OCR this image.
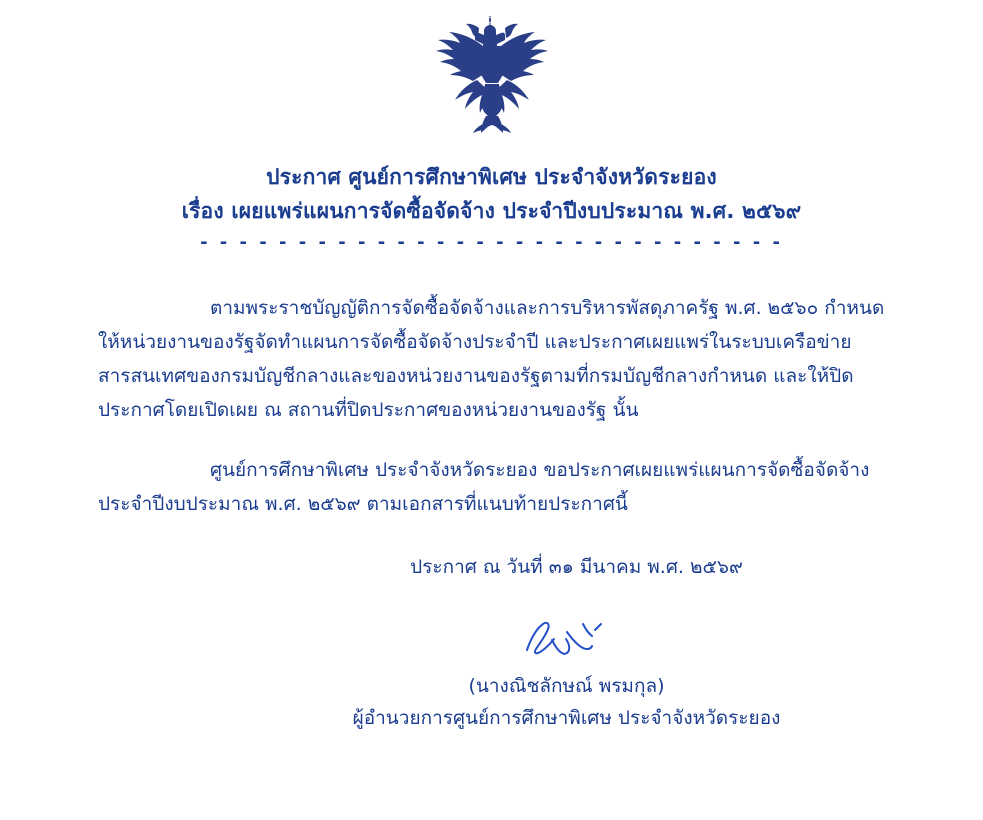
ประกาศ ศูนย์การศึกษาพิเศษ ประจำจังหวัดระยอง
เรื่อง เผยแพร่แผนการจัดซื้อจัดจ้าง ประจำปีงบประมาณ พ.ศ. ๒๕๖๙
- - - - - - - - - - - - - - - - - - - - - - - - - - - - - -

ตามพระราชบัญญัติการจัดซื้อจัดจ้างและการบริหารพัสดุภาครัฐ พ.ศ. ๒๕๖๐ กำหนดให้หน่วยงานของรัฐจัดทำแผนการจัดซื้อจัดจ้างประจำปี และประกาศเผยแพร่ในระบบเครือข่ายสารสนเทศของกรมบัญชีกลางและของหน่วยงานของรัฐตามที่กรมบัญชีกลางกำหนด และให้ปิดประกาศโดยเปิดเผย ณ สถานที่ปิดประกาศของหน่วยงานของรัฐ นั้น

ศูนย์การศึกษาพิเศษ ประจำจังหวัดระยอง ขอประกาศเผยแพร่แผนการจัดซื้อจัดจ้าง ประจำปีงบประมาณ พ.ศ. ๒๕๖๙ ตามเอกสารที่แนบท้ายประกาศนี้

ประกาศ ณ วันที่ ๓๑ มีนาคม พ.ศ. ๒๕๖๙
(นางณิชลักษณ์ พรมกุล)
ผู้อำนวยการศูนย์การศึกษาพิเศษ ประจำจังหวัดระยอง
